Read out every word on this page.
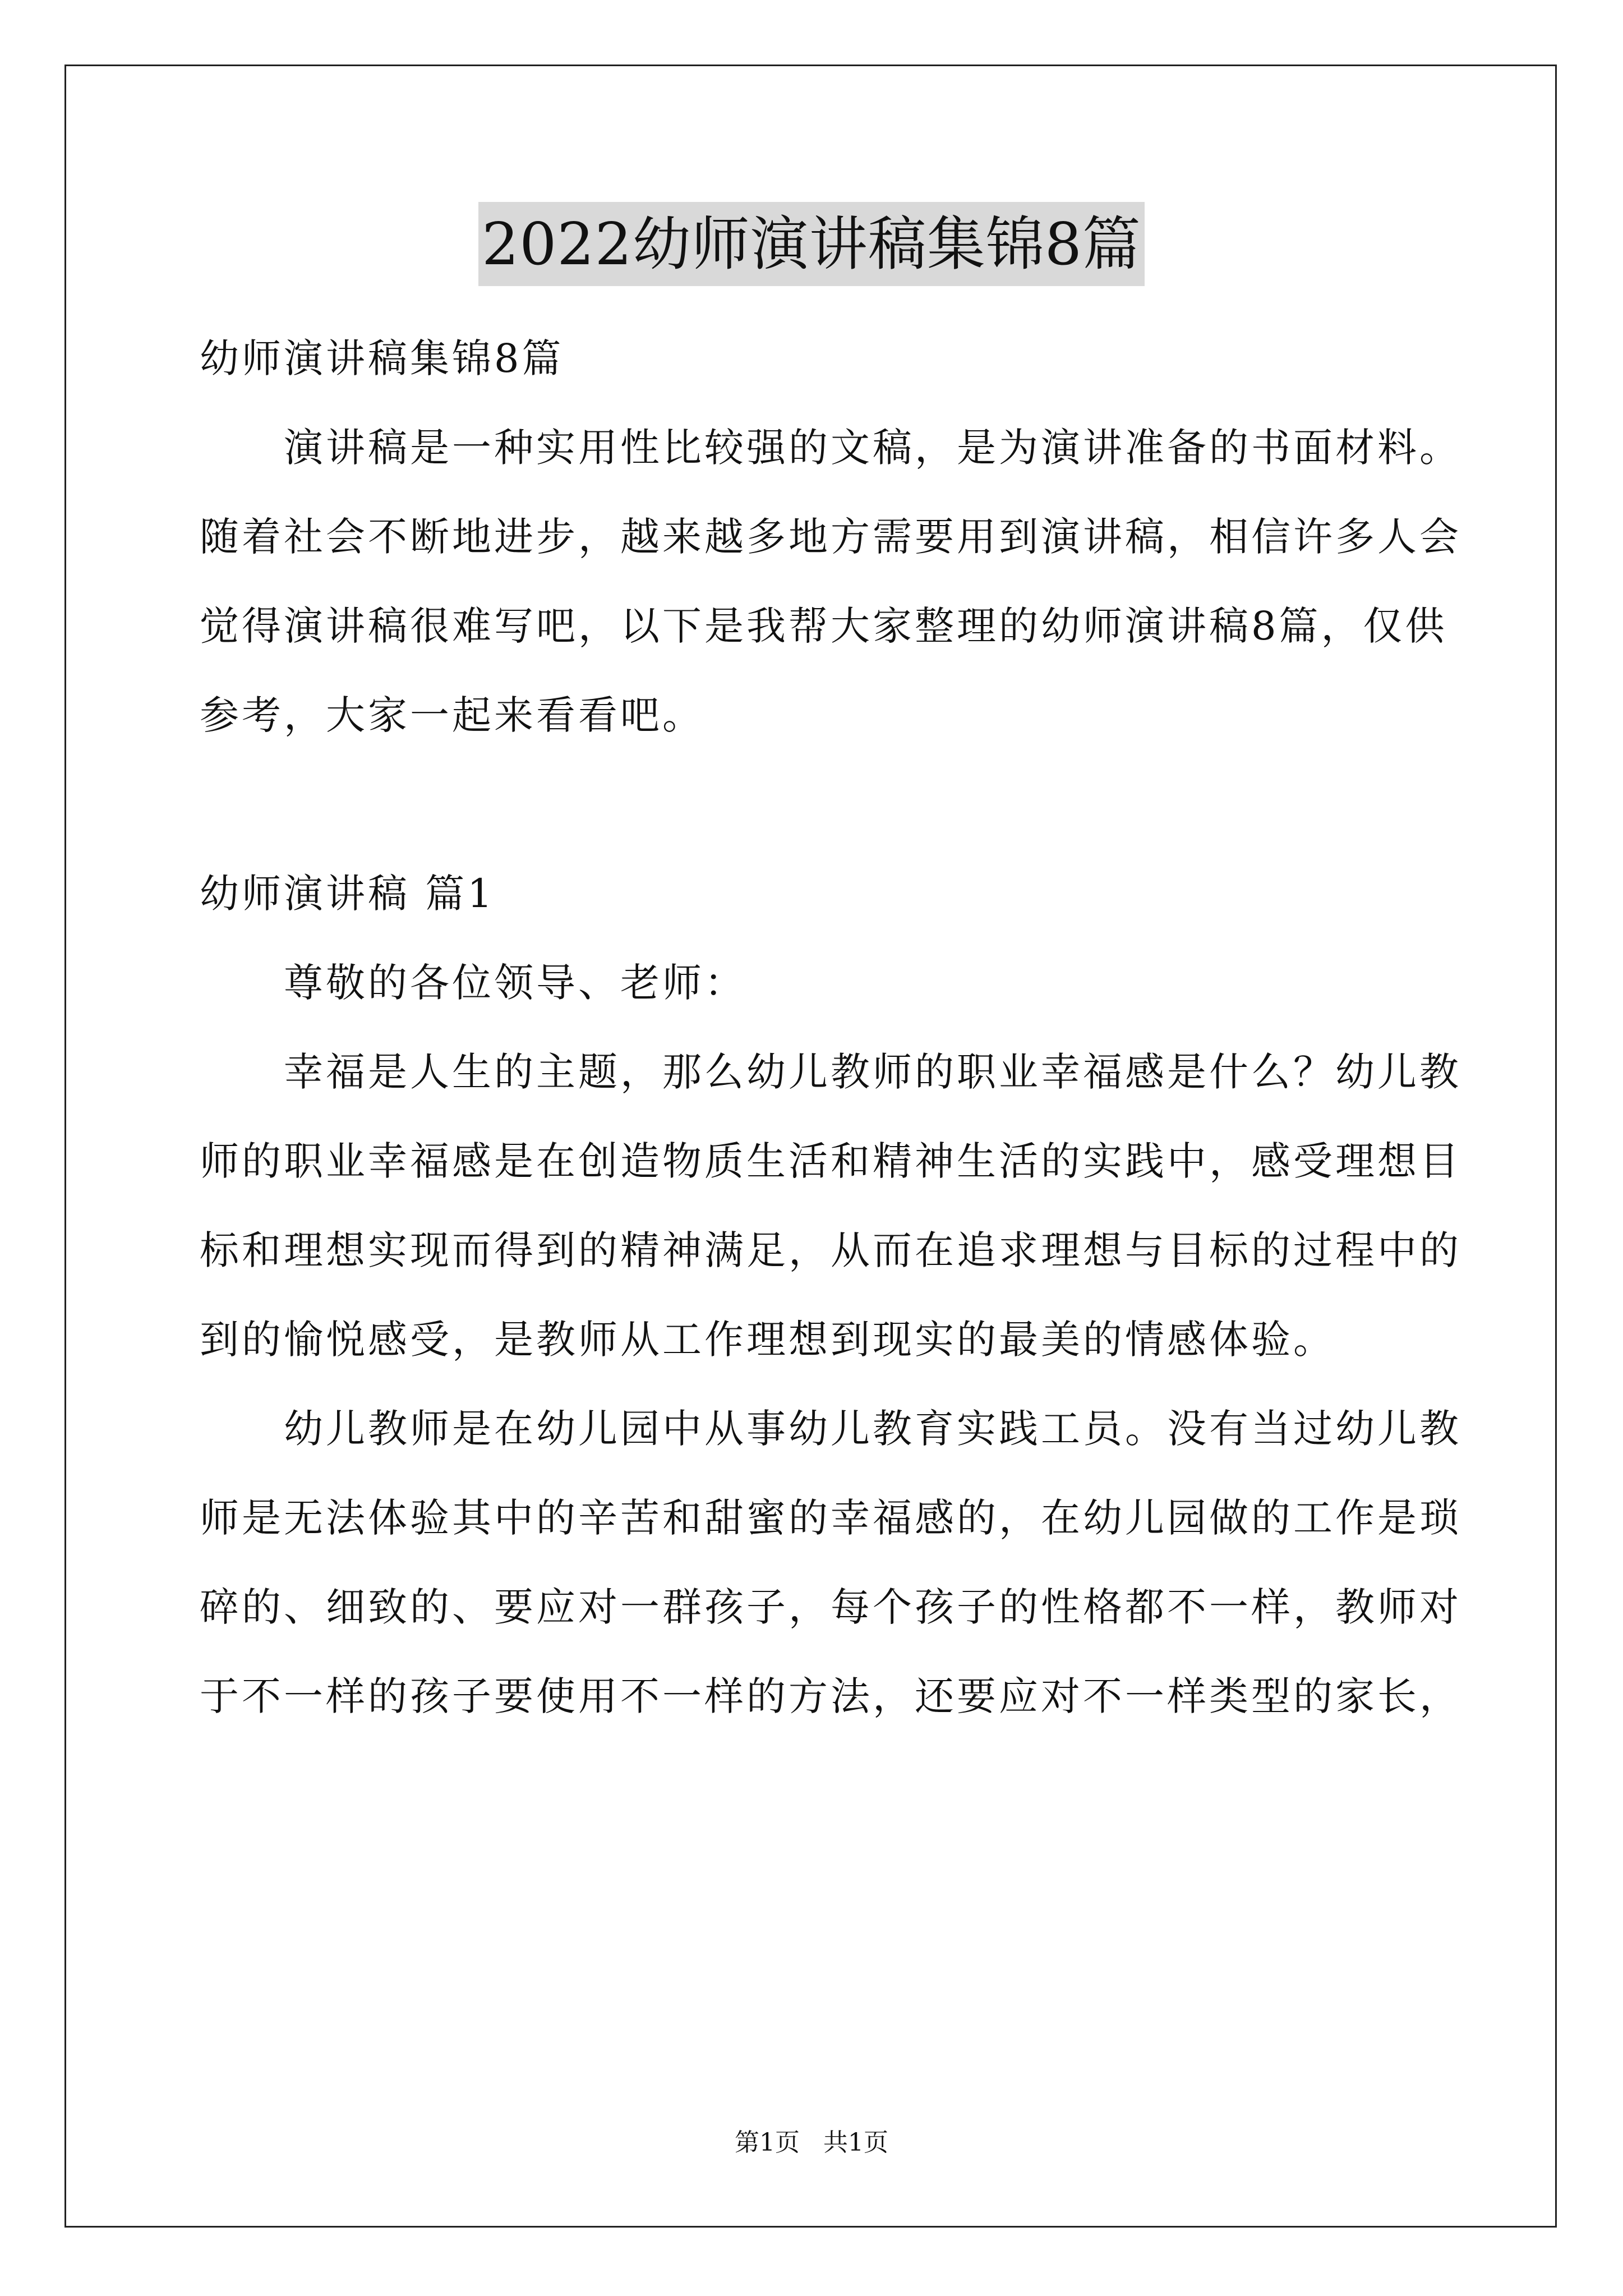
2022幼师演讲稿集锦8篇
幼师演讲稿集锦8篇
演讲稿是一种实用性比较强的文稿，是为演讲准备的书面材料。
随着社会不断地进步，越来越多地方需要用到演讲稿，相信许多人会
觉得演讲稿很难写吧，以下是我帮大家整理的幼师演讲稿8篇，仅供
参考，大家一起来看看吧。
幼师演讲稿 篇1
尊敬的各位领导、老师：
幸福是人生的主题，那么幼儿教师的职业幸福感是什么？幼儿教
师的职业幸福感是在创造物质生活和精神生活的实践中，感受理想目
标和理想实现而得到的精神满足，从而在追求理想与目标的过程中的
到的愉悦感受，是教师从工作理想到现实的最美的情感体验。
幼儿教师是在幼儿园中从事幼儿教育实践工员。没有当过幼儿教
师是无法体验其中的辛苦和甜蜜的幸福感的，在幼儿园做的工作是琐
碎的、细致的、要应对一群孩子，每个孩子的性格都不一样，教师对
于不一样的孩子要使用不一样的方法，还要应对不一样类型的家长，
第1页 共1页
